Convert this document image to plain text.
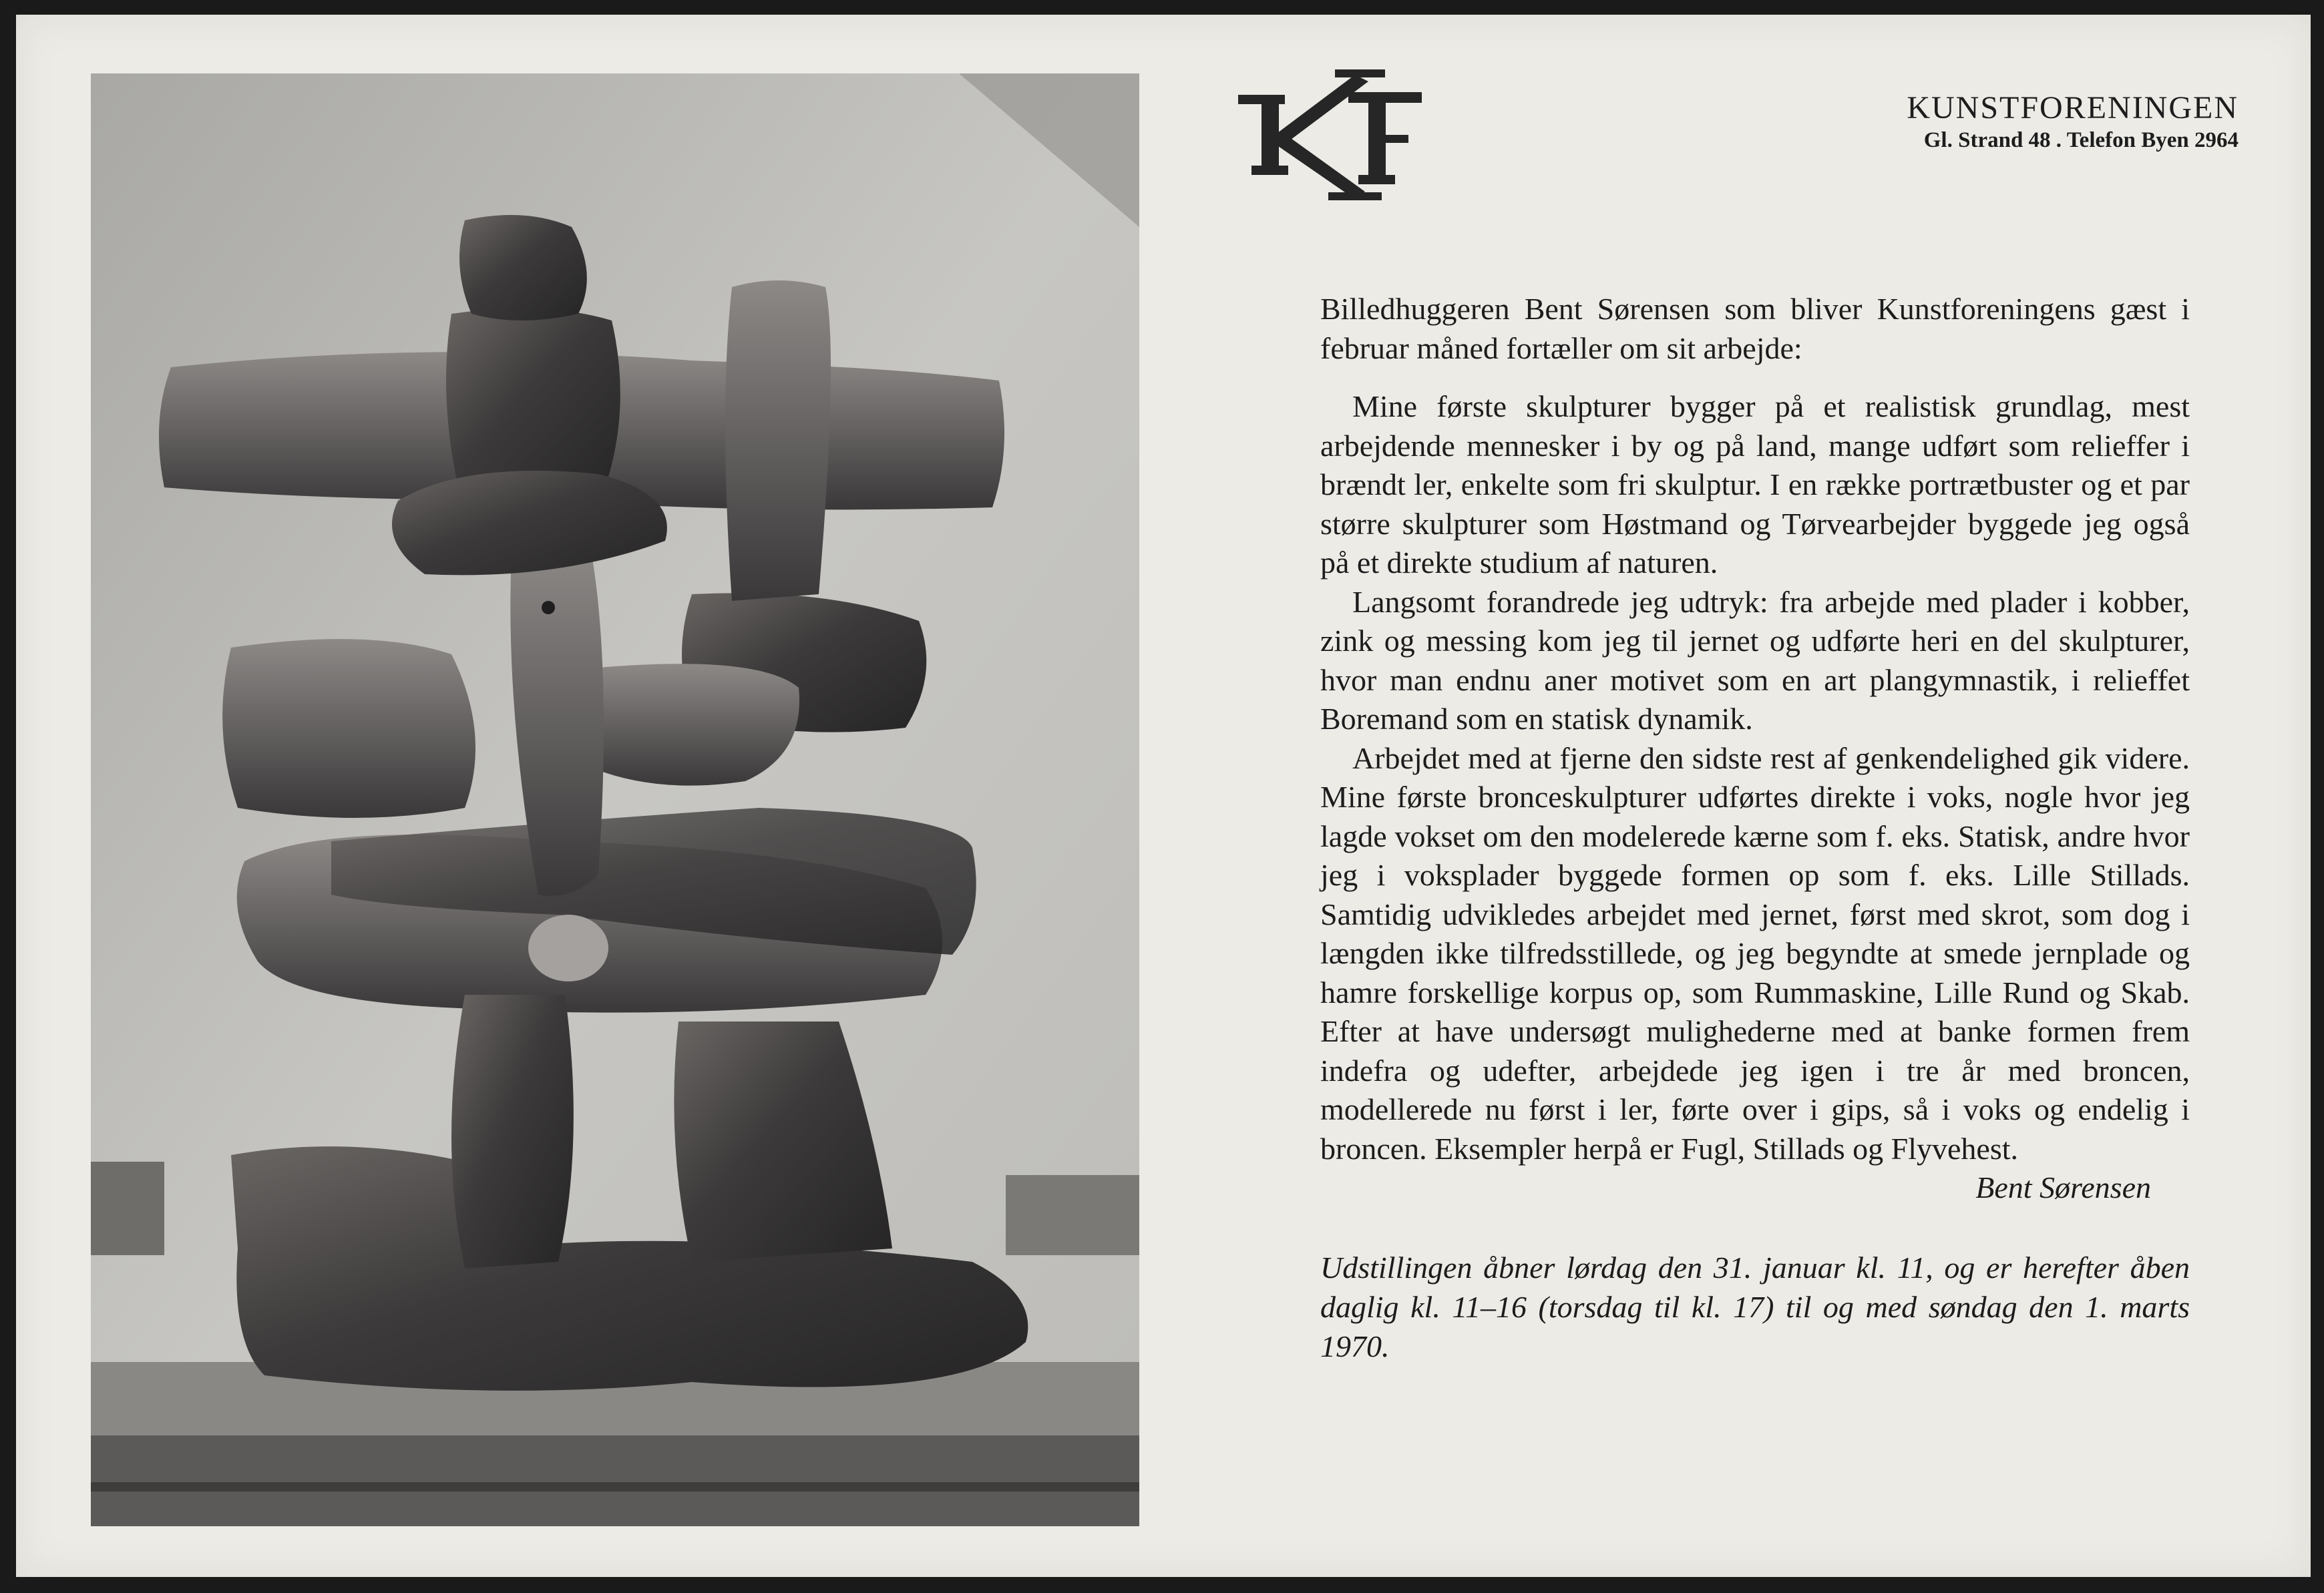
KUNSTFORENINGEN
Gl. Strand 48 . Telefon Byen 2964

Billedhuggeren Bent Sørensen som bliver Kunstforeningens gæst i februar måned fortæller om sit arbejde:

Mine første skulpturer bygger på et realistisk grundlag, mest arbejdende mennesker i by og på land, mange udført som relieffer i brændt ler, enkelte som fri skulptur. I en række portrætbuster og et par større skulpturer som Høstmand og Tørvearbejder byggede jeg også på et direkte studium af naturen.

Langsomt forandrede jeg udtryk: fra arbejde med plader i kobber, zink og messing kom jeg til jernet og udførte heri en del skulpturer, hvor man endnu aner motivet som en art plangymnastik, i relieffet Boremand som en statisk dynamik.

Arbejdet med at fjerne den sidste rest af genkendelighed gik videre. Mine første bronceskulpturer udførtes direkte i voks, nogle hvor jeg lagde vokset om den modelerede kærne som f. eks. Statisk, andre hvor jeg i voksplader byggede formen op som f. eks. Lille Stillads. Samtidig udvikledes arbejdet med jernet, først med skrot, som dog i længden ikke tilfredsstillede, og jeg begyndte at smede jernplade og hamre forskellige korpus op, som Rummaskine, Lille Rund og Skab. Efter at have undersøgt mulighederne med at banke formen frem indefra og udefter, arbejdede jeg igen i tre år med broncen, modellerede nu først i ler, førte over i gips, så i voks og endelig i broncen. Eksempler herpå er Fugl, Stillads og Flyvehest.

Bent Sørensen

Udstillingen åbner lørdag den 31. januar kl. 11, og er herefter åben daglig kl. 11–16 (torsdag til kl. 17) til og med søndag den 1. marts 1970.
